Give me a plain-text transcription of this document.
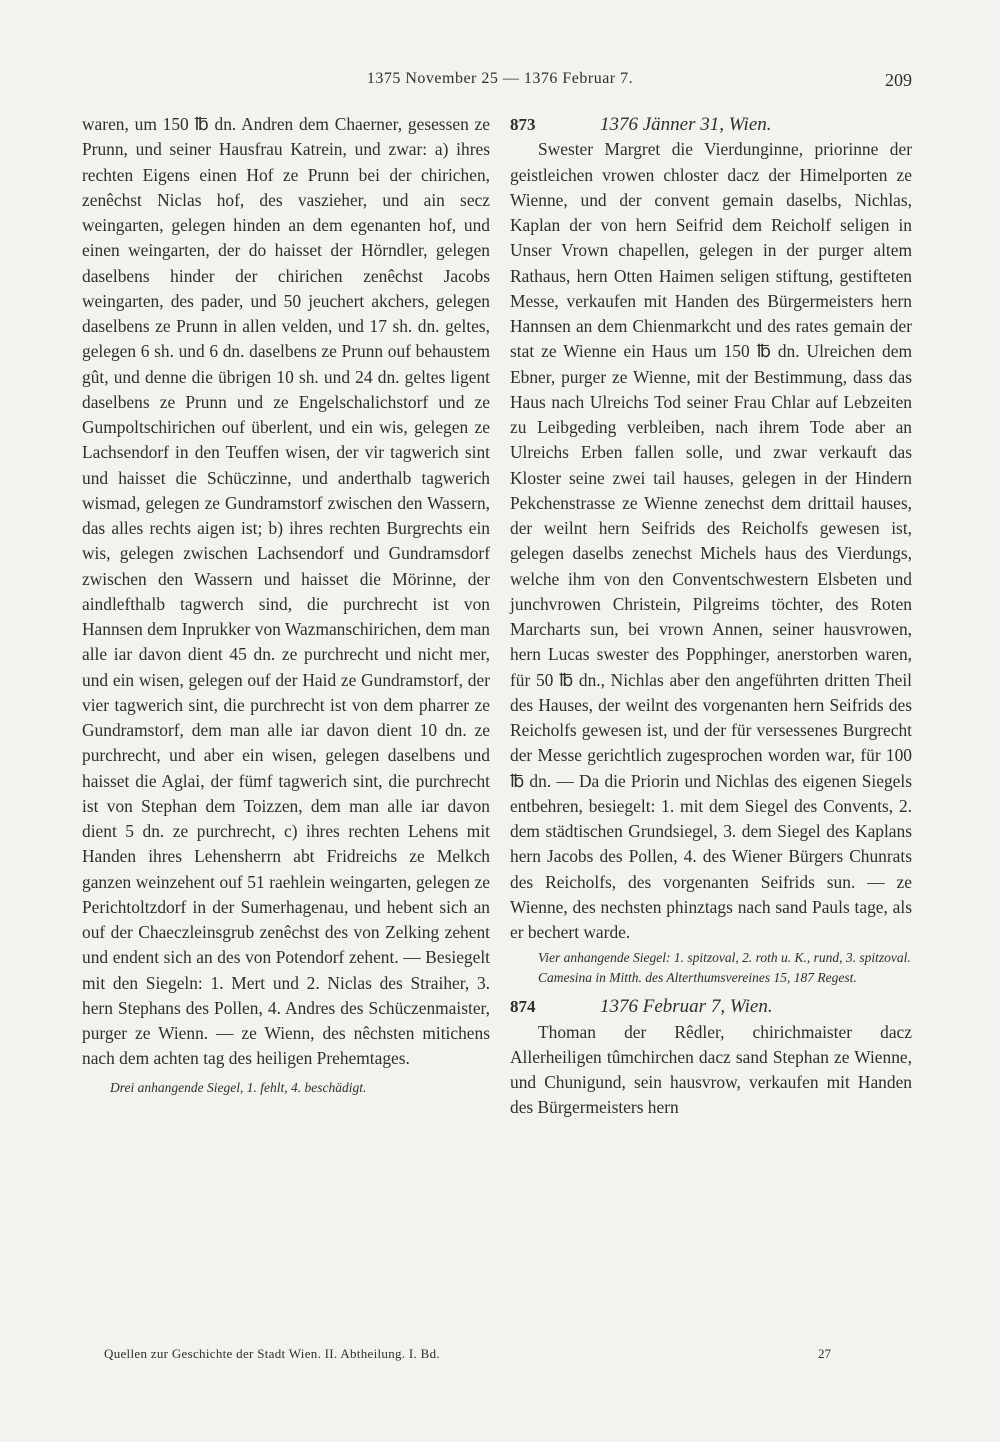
1375 November 25 — 1376 Februar 7.	209

waren, um 150 ℔ dn. Andren dem Chaerner, gesessen ze Prunn, und seiner Hausfrau Katrein, und zwar: a) ihres rechten Eigens einen Hof ze Prunn bei der chirichen, zenêchst Niclas hof, des vaszieher, und ain secz weingarten, gelegen hinden an dem egenanten hof, und einen weingarten, der do haisset der Hörndler, gelegen daselbens hinder der chirichen zenêchst Jacobs weingarten, des pader, und 50 jeuchert akchers, gelegen daselbens ze Prunn in allen velden, und 17 sh. dn. geltes, gelegen 6 sh. und 6 dn. daselbens ze Prunn ouf behaustem gût, und denne die übrigen 10 sh. und 24 dn. geltes ligent daselbens ze Prunn und ze Engelschalichstorf und ze Gumpoltschirichen ouf überlent, und ein wis, gelegen ze Lachsendorf in den Teuffen wisen, der vir tagwerich sint und haisset die Schüczinne, und anderthalb tagwerich wismad, gelegen ze Gundramstorf zwischen den Wassern, das alles rechts aigen ist; b) ihres rechten Burgrechts ein wis, gelegen zwischen Lachsendorf und Gundramsdorf zwischen den Wassern und haisset die Mörinne, der aindlefthalb tagwerch sind, die purchrecht ist von Hannsen dem Inprukker von Wazmanschirichen, dem man alle iar davon dient 45 dn. ze purchrecht und nicht mer, und ein wisen, gelegen ouf der Haid ze Gundramstorf, der vier tagwerich sint, die purchrecht ist von dem pharrer ze Gundramstorf, dem man alle iar davon dient 10 dn. ze purchrecht, und aber ein wisen, gelegen daselbens und haisset die Aglai, der fümf tagwerich sint, die purchrecht ist von Stephan dem Toizzen, dem man alle iar davon dient 5 dn. ze purchrecht, c) ihres rechten Lehens mit Handen ihres Lehensherrn abt Fridreichs ze Melkch ganzen weinzehent ouf 51 raehlein weingarten, gelegen ze Perichtoltzdorf in der Sumerhagenau, und hebent sich an ouf der Chaeczleinsgrub zenêchst des von Zelking zehent und endent sich an des von Potendorf zehent. — Besiegelt mit den Siegeln: 1. Mert und 2. Niclas des Straiher, 3. hern Stephans des Pollen, 4. Andres des Schüczenmaister, purger ze Wienn. — ze Wienn, des nêchsten mitichens nach dem achten tag des heiligen Prehemtages.

Drei anhangende Siegel, 1. fehlt, 4. beschädigt.

873	1376 Jänner 31, Wien.

Swester Margret die Vierdunginne, priorinne der geistleichen vrowen chloster dacz der Himelporten ze Wienne, und der convent gemain daselbs, Nichlas, Kaplan der von hern Seifrid dem Reicholf seligen in Unser Vrown chapellen, gelegen in der purger altem Rathaus, hern Otten Haimen seligen stiftung, gestifteten Messe, verkaufen mit Handen des Bürgermeisters hern Hannsen an dem Chienmarkcht und des rates gemain der stat ze Wienne ein Haus um 150 ℔ dn. Ulreichen dem Ebner, purger ze Wienne, mit der Bestimmung, dass das Haus nach Ulreichs Tod seiner Frau Chlar auf Lebzeiten zu Leibgeding verbleiben, nach ihrem Tode aber an Ulreichs Erben fallen solle, und zwar verkauft das Kloster seine zwei tail hauses, gelegen in der Hindern Pekchenstrasse ze Wienne zenechst dem drittail hauses, der weilnt hern Seifrids des Reicholfs gewesen ist, gelegen daselbs zenechst Michels haus des Vierdungs, welche ihm von den Conventschwestern Elsbeten und junchvrowen Christein, Pilgreims töchter, des Roten Marcharts sun, bei vrown Annen, seiner hausvrowen, hern Lucas swester des Popphinger, anerstorben waren, für 50 ℔ dn., Nichlas aber den angeführten dritten Theil des Hauses, der weilnt des vorgenanten hern Seifrids des Reicholfs gewesen ist, und der für versessenes Burgrecht der Messe gerichtlich zugesprochen worden war, für 100 ℔ dn. — Da die Priorin und Nichlas des eigenen Siegels entbehren, besiegelt: 1. mit dem Siegel des Convents, 2. dem städtischen Grundsiegel, 3. dem Siegel des Kaplans hern Jacobs des Pollen, 4. des Wiener Bürgers Chunrats des Reicholfs, des vorgenanten Seifrids sun. — ze Wienne, des nechsten phinztags nach sand Pauls tage, als er bechert warde.

Vier anhangende Siegel: 1. spitzoval, 2. roth u. K., rund, 3. spitzoval.

Camesina in Mitth. des Alterthumsvereines 15, 187 Regest.

874	1376 Februar 7, Wien.

Thoman der Rêdler, chirichmaister dacz Allerheiligen tûmchirchen dacz sand Stephan ze Wienne, und Chunigund, sein hausvrow, verkaufen mit Handen des Bürgermeisters hern

Quellen zur Geschichte der Stadt Wien. II. Abtheilung. I. Bd.	27
